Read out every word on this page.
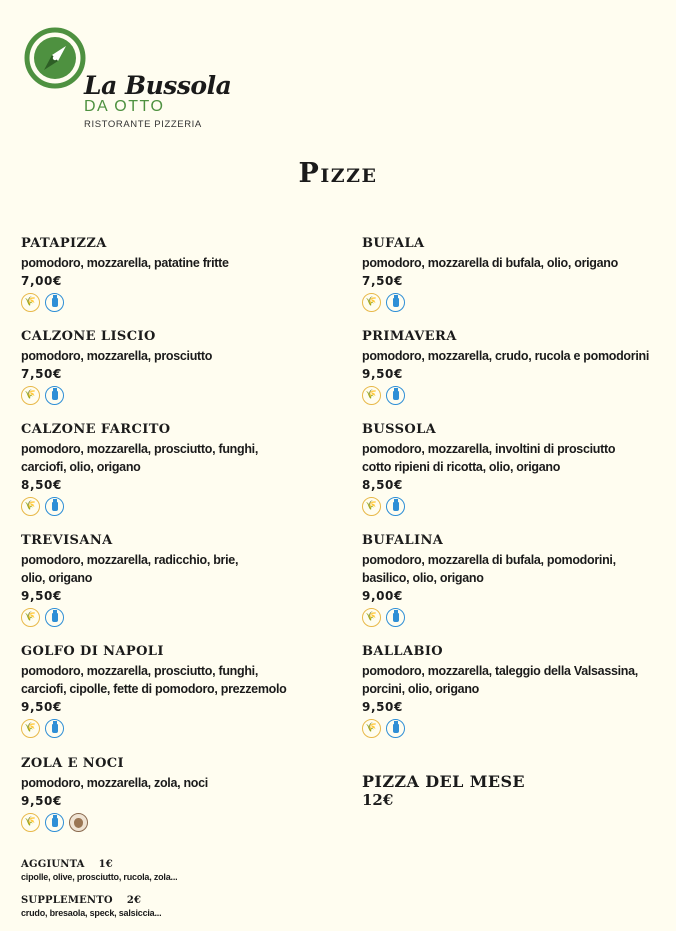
La Bussola
DA OTTO
RISTORANTE PIZZERIA
Pizze
PATAPIZZA
pomodoro, mozzarella, patatine fritte
7,00€
🌾
CALZONE LISCIO
pomodoro, mozzarella, prosciutto
7,50€
🌾
CALZONE FARCITO
pomodoro, mozzarella, prosciutto, funghi,
carciofi, olio, origano
8,50€
🌾
TREVISANA
pomodoro, mozzarella, radicchio, brie,
olio, origano
9,50€
🌾
GOLFO DI NAPOLI
pomodoro, mozzarella, prosciutto, funghi,
carciofi, cipolle, fette di pomodoro, prezzemolo
9,50€
🌾
ZOLA E NOCI
pomodoro, mozzarella, zola, noci
9,50€
🌾
BUFALA
pomodoro, mozzarella di bufala, olio, origano
7,50€
🌾
PRIMAVERA
pomodoro, mozzarella, crudo, rucola e pomodorini
9,50€
🌾
BUSSOLA
pomodoro, mozzarella, involtini di prosciutto
cotto ripieni di ricotta, olio, origano
8,50€
🌾
BUFALINA
pomodoro, mozzarella di bufala, pomodorini,
basilico, olio, origano
9,00€
🌾
BALLABIO
pomodoro, mozzarella, taleggio della Valsassina,
porcini, olio, origano
9,50€
🌾
PIZZA DEL MESE
12€
AGGIUNTA 1€
cipolle, olive, prosciutto, rucola, zola...
SUPPLEMENTO 2€
crudo, bresaola, speck, salsiccia...
